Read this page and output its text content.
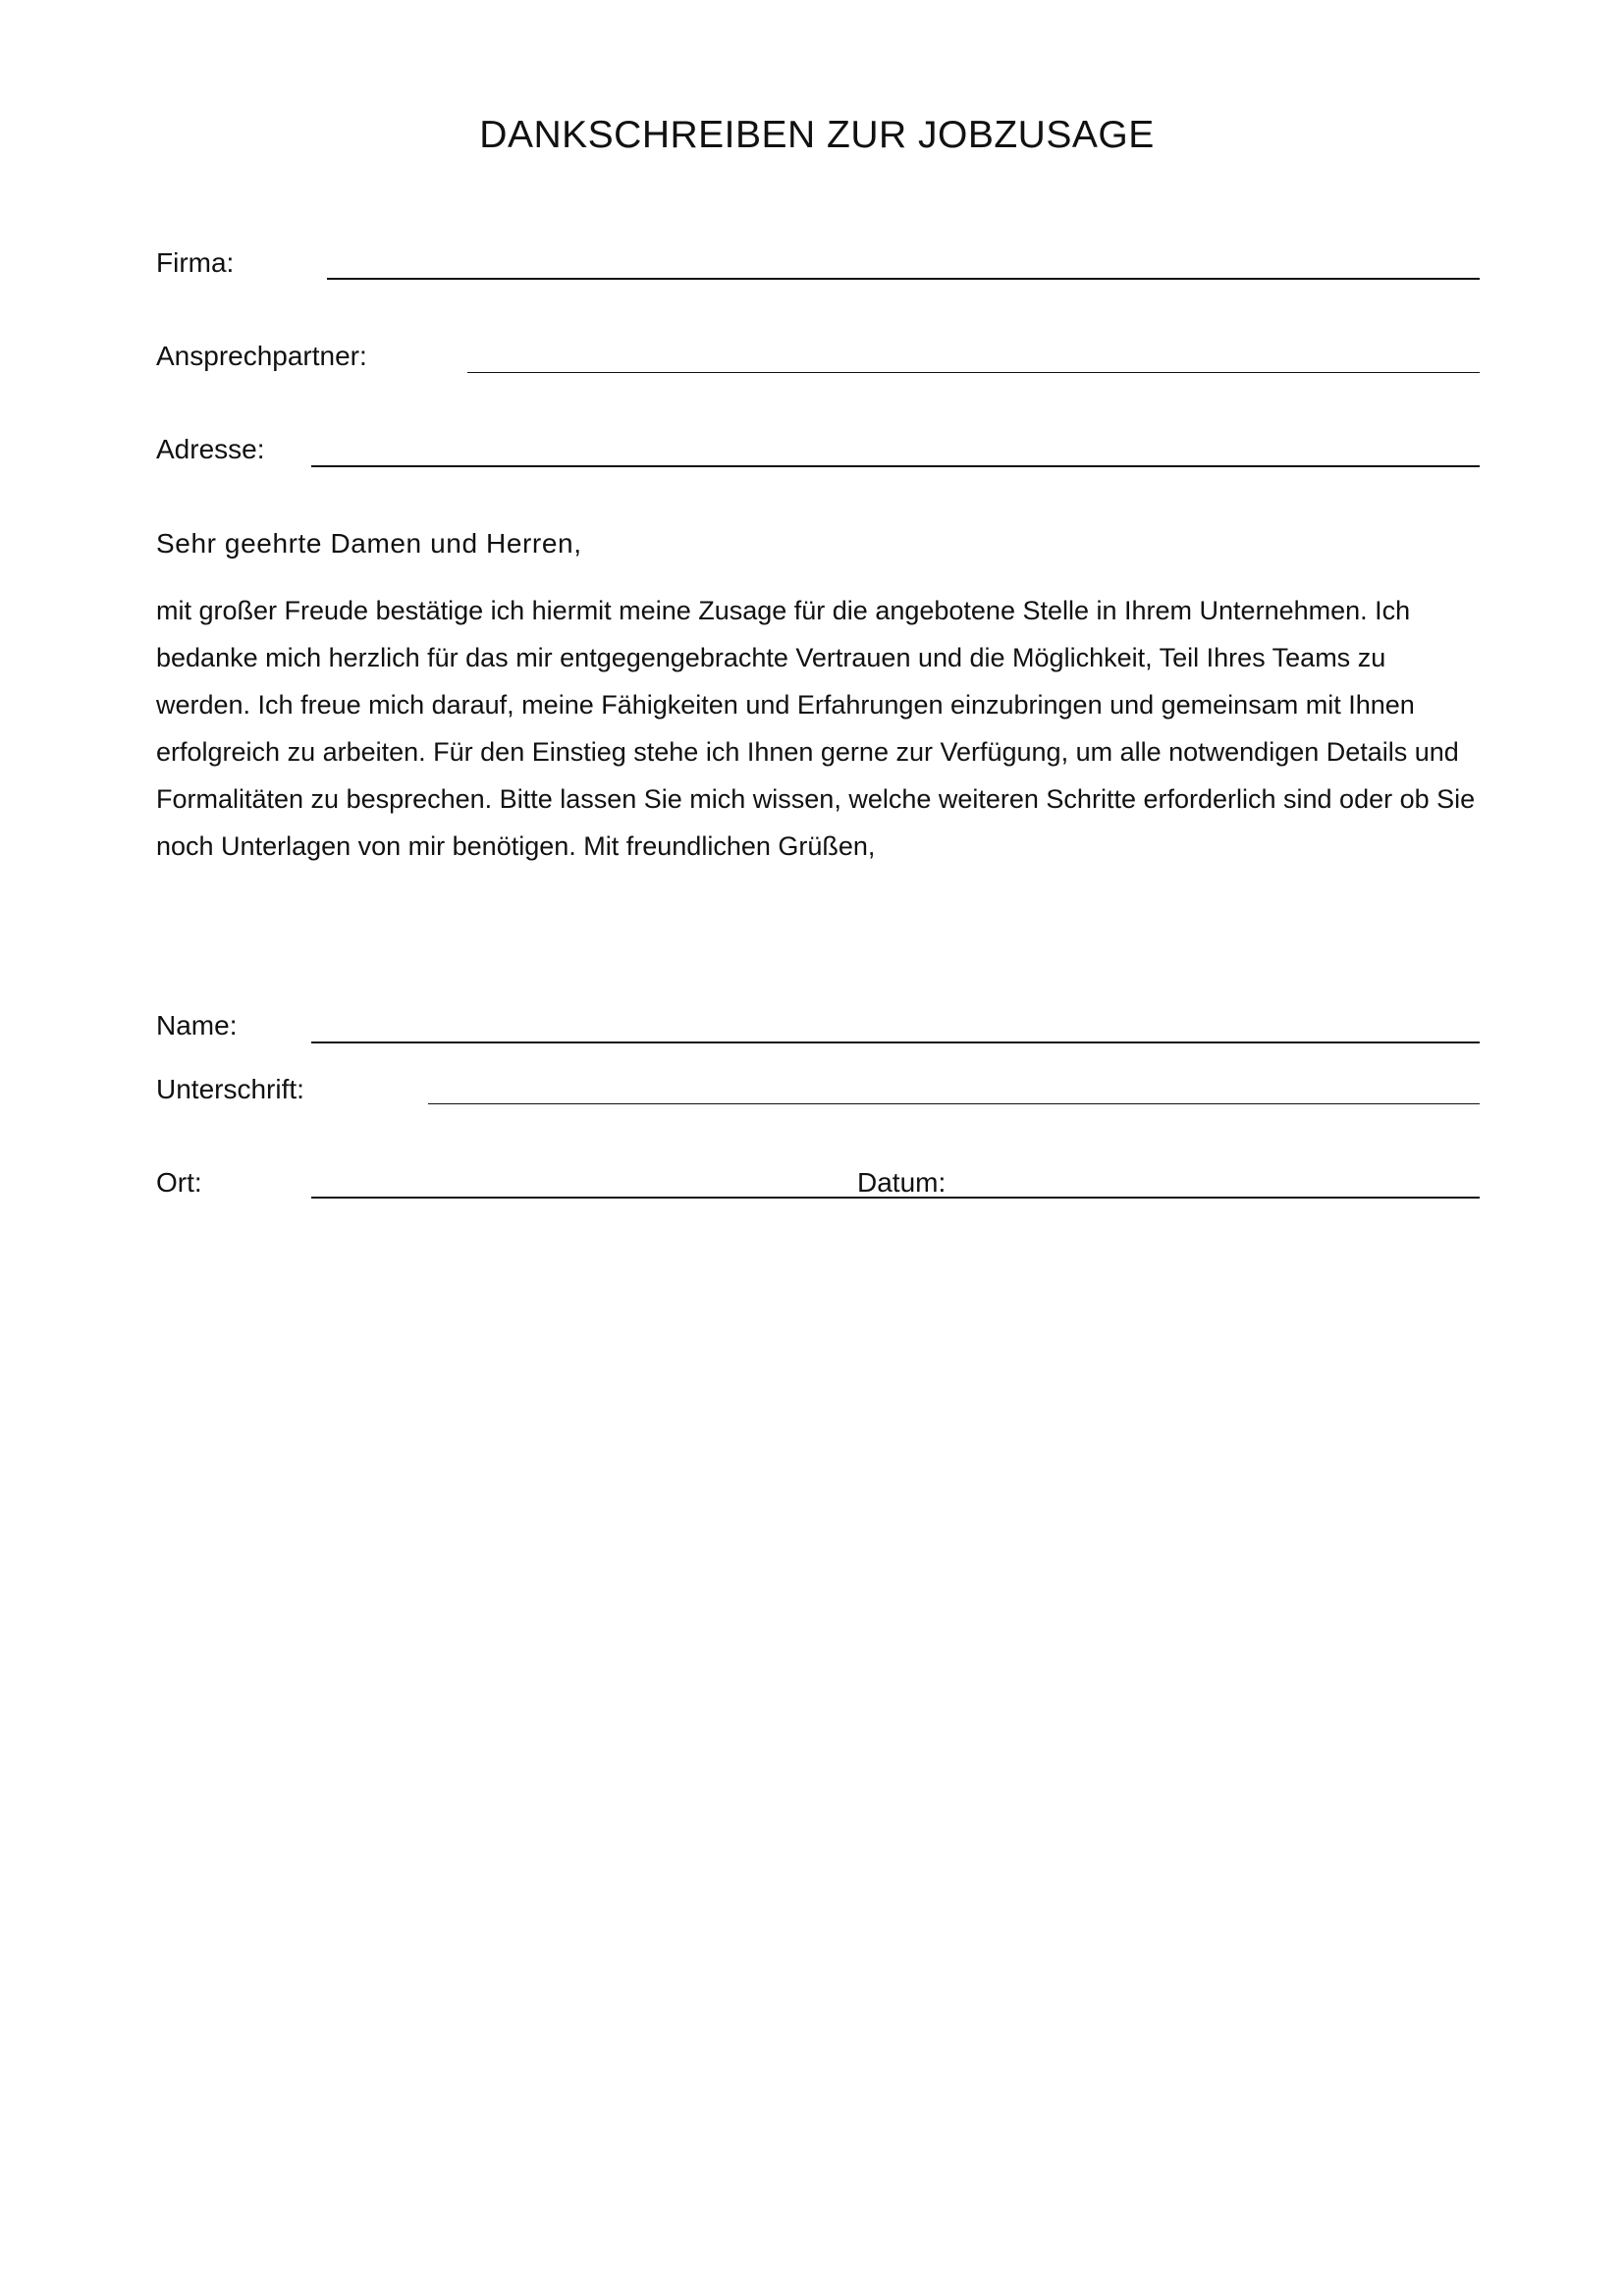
DANKSCHREIBEN ZUR JOBZUSAGE
Firma:
Ansprechpartner:
Adresse:
Sehr geehrte Damen und Herren,

mit großer Freude bestätige ich hiermit meine Zusage für die angebotene Stelle in Ihrem Unternehmen. Ich bedanke mich herzlich für das mir entgegengebrachte Vertrauen und die Möglichkeit, Teil Ihres Teams zu werden. Ich freue mich darauf, meine Fähigkeiten und Erfahrungen einzubringen und gemeinsam mit Ihnen erfolgreich zu arbeiten. Für den Einstieg stehe ich Ihnen gerne zur Verfügung, um alle notwendigen Details und Formalitäten zu besprechen. Bitte lassen Sie mich wissen, welche weiteren Schritte erforderlich sind oder ob Sie noch Unterlagen von mir benötigen. Mit freundlichen Grüßen,

Name:
Unterschrift:
Ort:	Datum:
